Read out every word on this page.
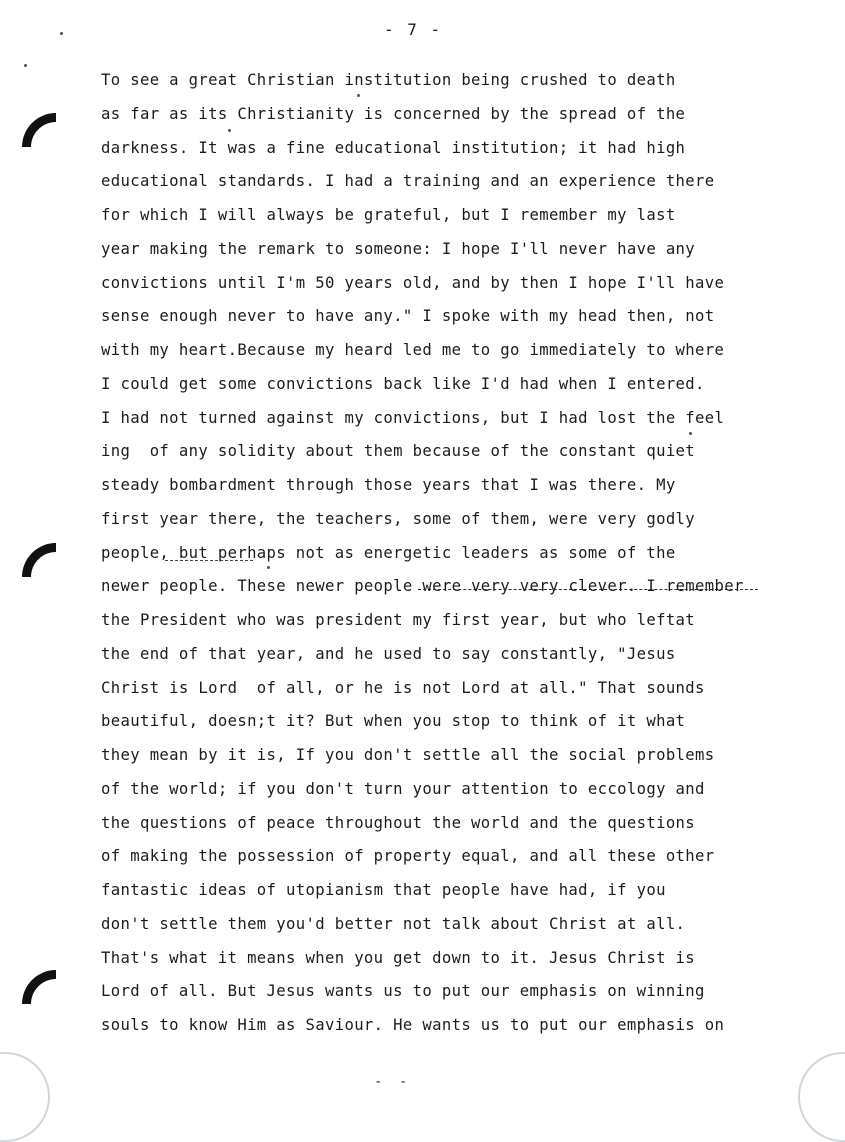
- 7 -
To see a great Christian institution being crushed to death
as far as its Christianity is concerned by the spread of the
darkness. It was a fine educational institution; it had high
educational standards. I had a training and an experience there
for which I will always be grateful, but I remember my last
year making the remark to someone: I hope I'll never have any
convictions until I'm 50 years old, and by then I hope I'll have
sense enough never to have any." I spoke with my head then, not
with my heart.Because my heard led me to go immediately to where
I could get some convictions back like I'd had when I entered.
I had not turned against my convictions, but I had lost the feel
ing  of any solidity about them because of the constant quiet
steady bombardment through those years that I was there. My
first year there, the teachers, some of them, were very godly
people, but perhaps not as energetic leaders as some of the
newer people. These newer people were very very clever. I remember
the President who was president my first year, but who leftat
the end of that year, and he used to say constantly, "Jesus
Christ is Lord  of all, or he is not Lord at all." That sounds
beautiful, doesn;t it? But when you stop to think of it what
they mean by it is, If you don't settle all the social problems
of the world; if you don't turn your attention to eccology and
the questions of peace throughout the world and the questions
of making the possession of property equal, and all these other
fantastic ideas of utopianism that people have had, if you
don't settle them you'd better not talk about Christ at all.
That's what it means when you get down to it. Jesus Christ is
Lord of all. But Jesus wants us to put our emphasis on winning
souls to know Him as Saviour. He wants us to put our emphasis on
- -
